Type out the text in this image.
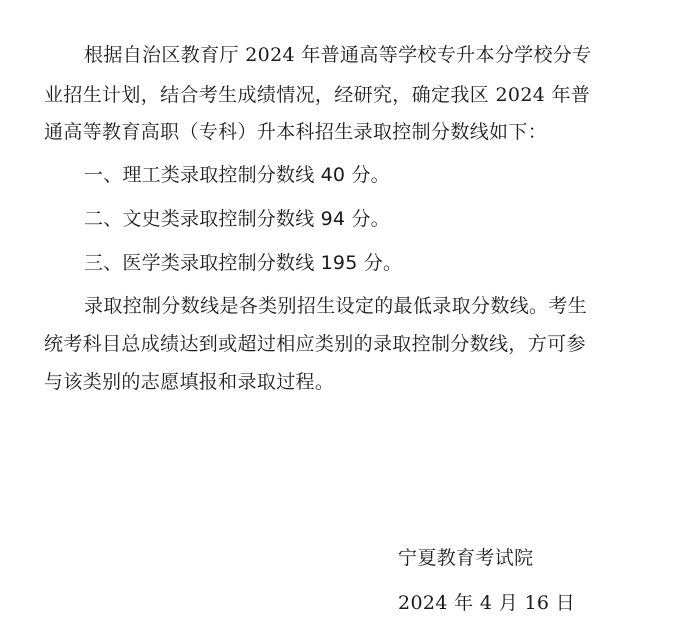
根据自治区教育厅 2024 年普通高等学校专升本分学校分专
业招生计划，结合考生成绩情况，经研究，确定我区 2024 年普
通高等教育高职（专科）升本科招生录取控制分数线如下：
一、理工类录取控制分数线 40 分。
二、文史类录取控制分数线 94 分。
三、医学类录取控制分数线 195 分。
录取控制分数线是各类别招生设定的最低录取分数线。考生
统考科目总成绩达到或超过相应类别的录取控制分数线，方可参
与该类别的志愿填报和录取过程。
宁夏教育考试院
2024 年 4 月 16 日
